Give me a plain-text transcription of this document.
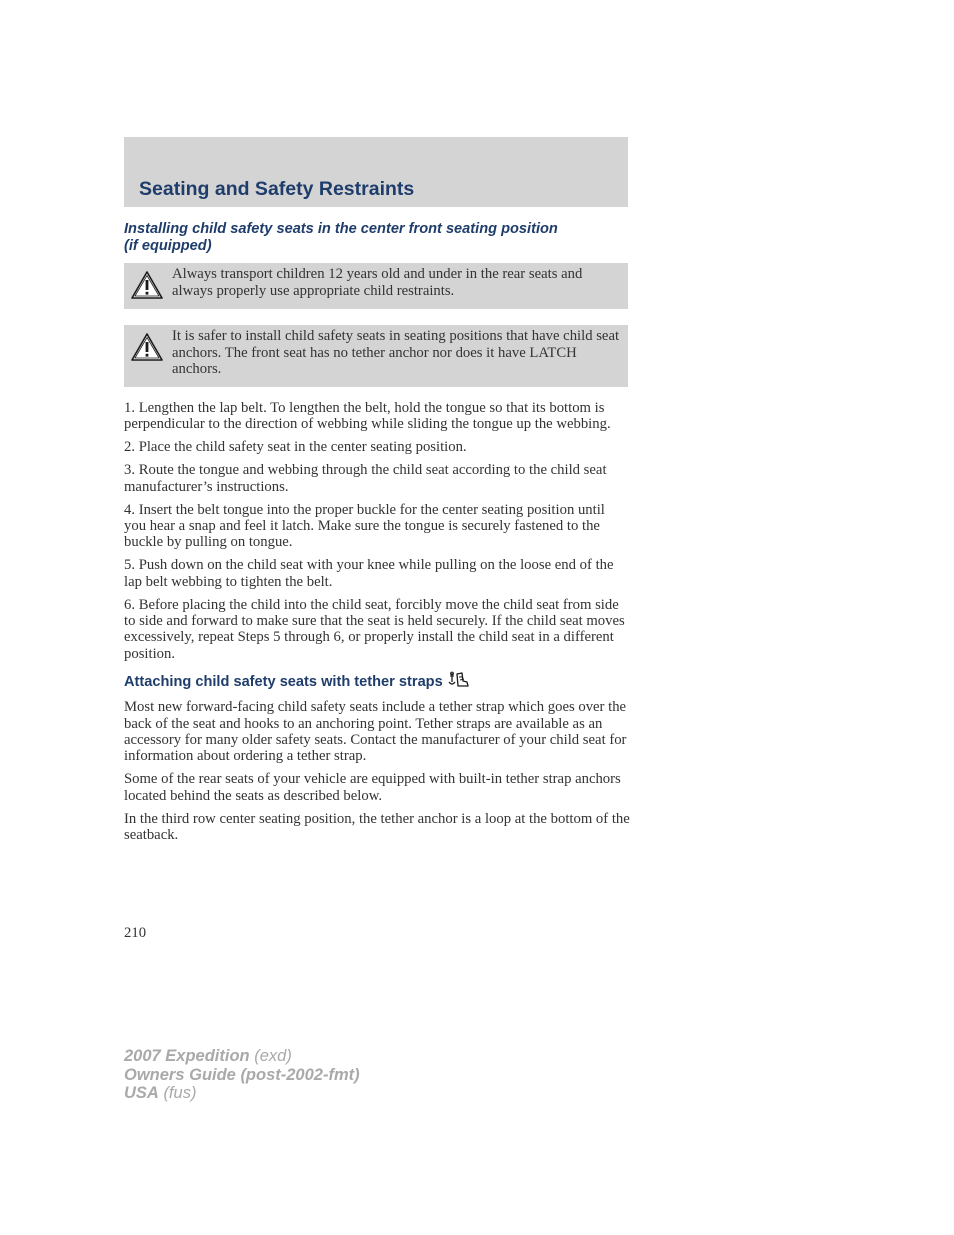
Seating and Safety Restraints
Installing child safety seats in the center front seating position
(if equipped)
Always transport children 12 years old and under in the rear seats and always properly use appropriate child restraints.
It is safer to install child safety seats in seating positions that have child seat anchors. The front seat has no tether anchor nor does it have LATCH anchors.

1. Lengthen the lap belt. To lengthen the belt, hold the tongue so that its bottom is perpendicular to the direction of webbing while sliding the tongue up the webbing.

2. Place the child safety seat in the center seating position.

3. Route the tongue and webbing through the child seat according to the child seat manufacturer’s instructions.

4. Insert the belt tongue into the proper buckle for the center seating position until you hear a snap and feel it latch. Make sure the tongue is securely fastened to the buckle by pulling on tongue.

5. Push down on the child seat with your knee while pulling on the loose end of the lap belt webbing to tighten the belt.

6. Before placing the child into the child seat, forcibly move the child seat from side to side and forward to make sure that the seat is held securely. If the child seat moves excessively, repeat Steps 5 through 6, or properly install the child seat in a different position.

Attaching child safety seats with tether straps

Most new forward-facing child safety seats include a tether strap which goes over the back of the seat and hooks to an anchoring point. Tether straps are available as an accessory for many older safety seats. Contact the manufacturer of your child seat for information about ordering a tether strap.

Some of the rear seats of your vehicle are equipped with built-in tether strap anchors located behind the seats as described below.

In the third row center seating position, the tether anchor is a loop at the bottom of the seatback.

210

2007 Expedition (exd)
Owners Guide (post-2002-fmt)
USA (fus)
